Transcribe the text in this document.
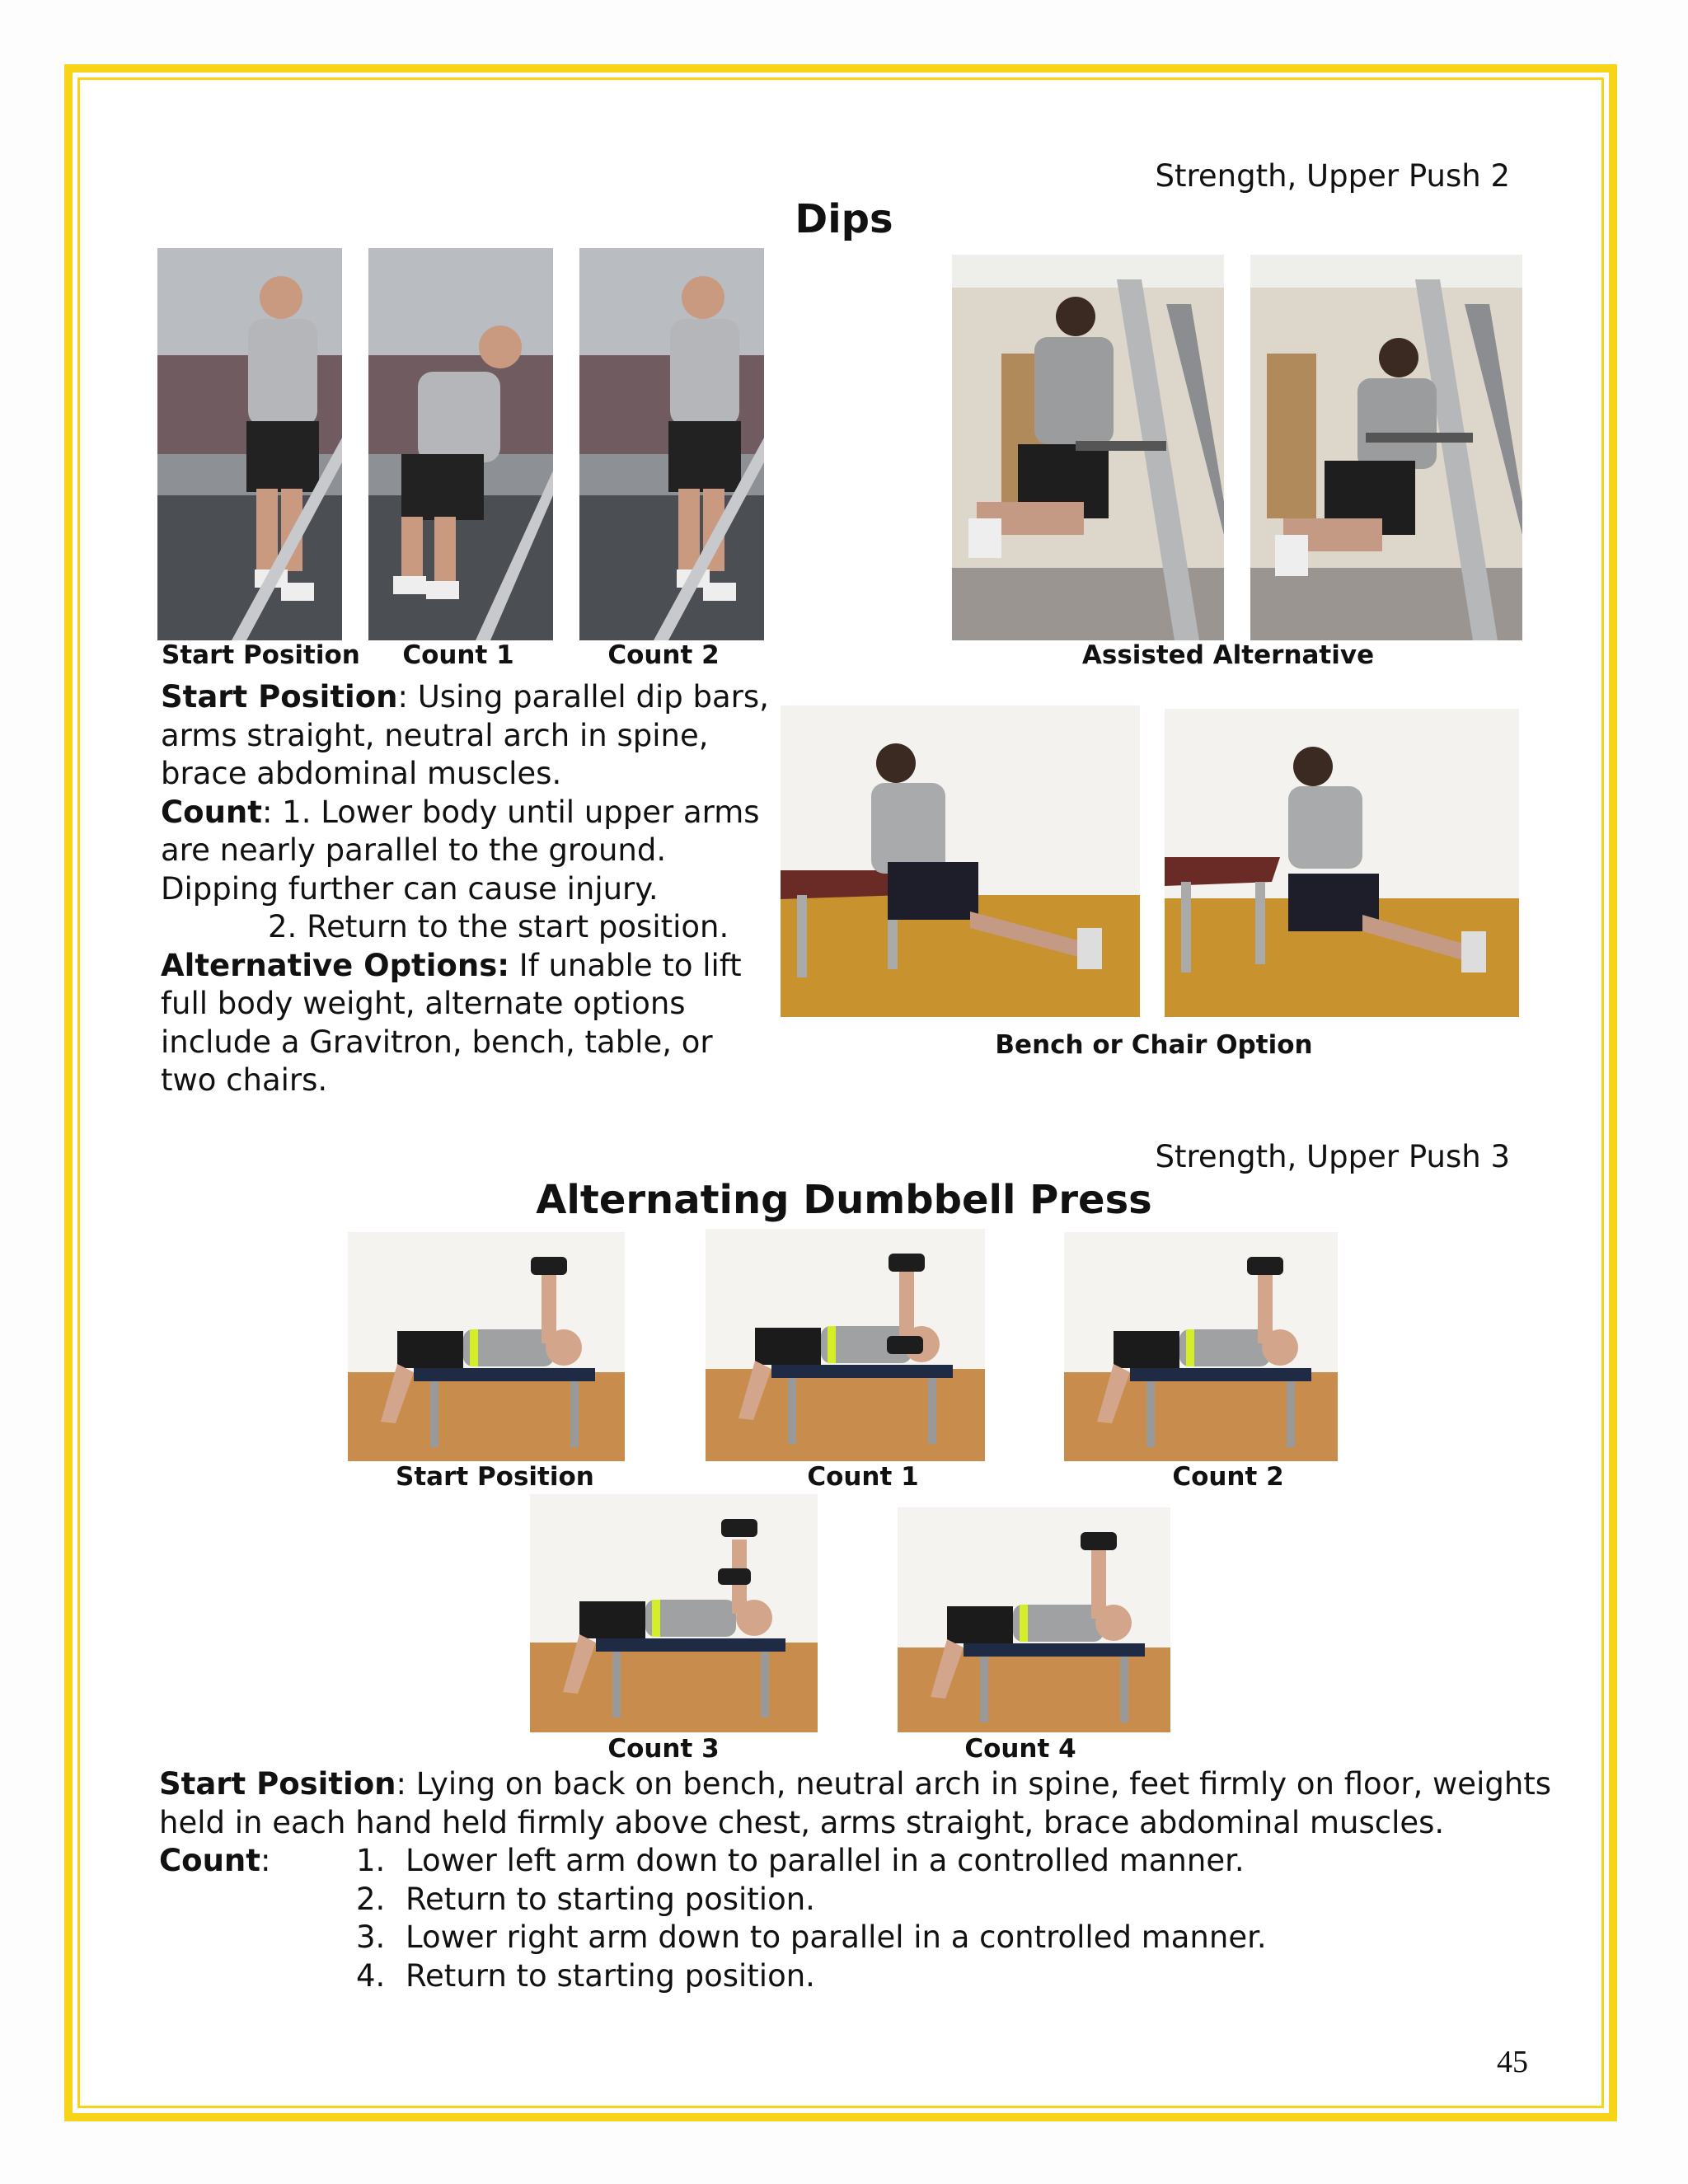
Strength, Upper Push 2
Dips
Start Position	Count 1	Count 2	Assisted Alternative
Bench or Chair Option
Start Position: Using parallel dip bars,
arms straight, neutral arch in spine,
brace abdominal muscles.
Count: 1. Lower body until upper arms
are nearly parallel to the ground.
Dipping further can cause injury.
2. Return to the start position.
Alternative Options: If unable to lift
full body weight, alternate options
include a Gravitron, bench, table, or
two chairs.
Strength, Upper Push 3
Alternating Dumbbell Press
Start Position	Count 1	Count 2
Count 3	Count 4
Start Position: Lying on back on bench, neutral arch in spine, feet firmly on floor, weights
held in each hand held firmly above chest, arms straight, brace abdominal muscles.
Count:	1. Lower left arm down to parallel in a controlled manner.
2. Return to starting position.
3. Lower right arm down to parallel in a controlled manner.
4. Return to starting position.
45
